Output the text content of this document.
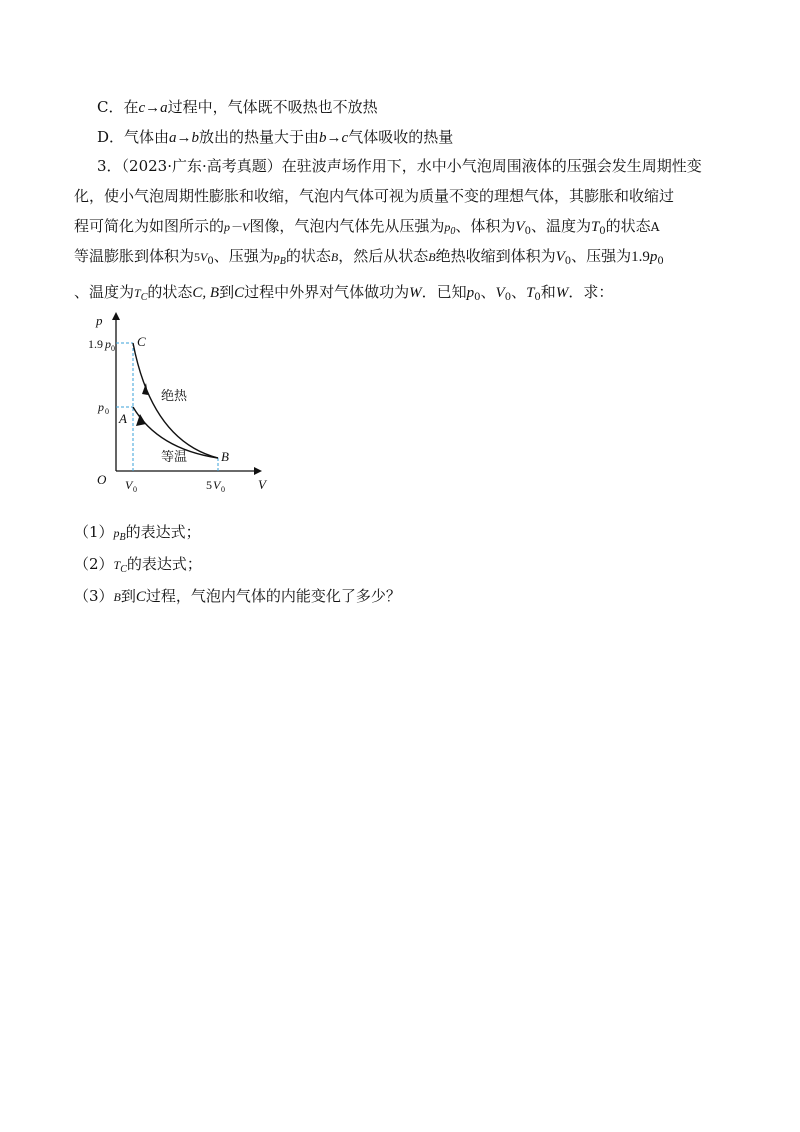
C．在c→a过程中，气体既不吸热也不放热
D．气体由a→b放出的热量大于由b→c气体吸收的热量
3．（2023·广东·高考真题）在驻波声场作用下，水中小气泡周围液体的压强会发生周期性变
化，使小气泡周期性膨胀和收缩，气泡内气体可视为质量不变的理想气体，其膨胀和收缩过
程可简化为如图所示的p－V图像，气泡内气体先从压强为$p_0$、体积为$V_0$、温度为$T_0$的状态A
等温膨胀到体积为$5V_0$、压强为$p_B$的状态B，然后从状态B绝热收缩到体积为$V_0$、压强为$1.9p_0$
、温度为$T_C$的状态C, B到C过程中外界对气体做功为W．已知$p_0$、$V_0$、$T_0$和W．求：
p
V
O
1.9 p 0
p 0
V 0	5 V 0
A
B
C
绝热
等温
$(1)p_B$的表达式；
$(2)T_C$的表达式；
（3）B到C过程，气泡内气体的内能变化了多少？
